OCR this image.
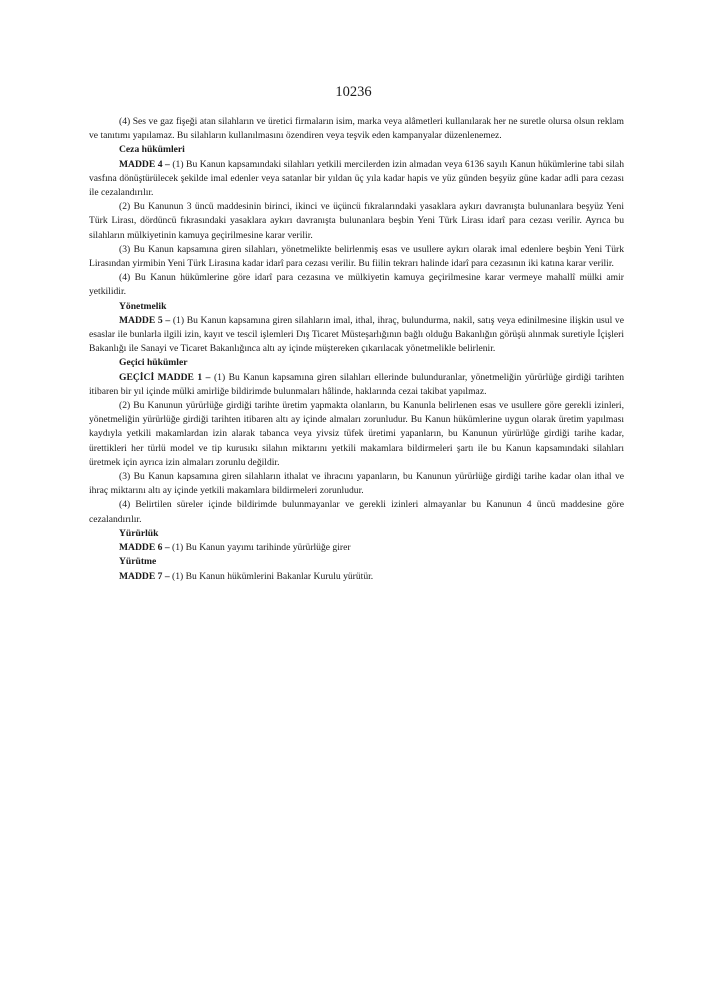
10236

(4) Ses ve gaz fişeği atan silahların ve üretici firmaların isim, marka veya alâmetleri kullanılarak her ne suretle olursa olsun reklam ve tanıtımı yapılamaz. Bu silahların kullanılmasını özendiren veya teşvik eden kampanyalar düzenlenemez.

Ceza hükümleri

MADDE 4 – (1) Bu Kanun kapsamındaki silahları yetkili mercilerden izin almadan veya 6136 sayılı Kanun hükümlerine tabi silah vasfına dönüştürülecek şekilde imal edenler veya satanlar bir yıldan üç yıla kadar hapis ve yüz günden beşyüz güne kadar adli para cezası ile cezalandırılır.

(2) Bu Kanunun 3 üncü maddesinin birinci, ikinci ve üçüncü fıkralarındaki yasaklara aykırı davranışta bulunanlara beşyüz Yeni Türk Lirası, dördüncü fıkrasındaki yasaklara aykırı davranışta bulunanlara beşbin Yeni Türk Lirası idarî para cezası verilir. Ayrıca bu silahların mülkiyetinin kamuya geçirilmesine karar verilir.

(3) Bu Kanun kapsamına giren silahları, yönetmelikte belirlenmiş esas ve usullere aykırı olarak imal edenlere beşbin Yeni Türk Lirasından yirmibin Yeni Türk Lirasına kadar idarî para cezası verilir. Bu fiilin tekrarı halinde idarî para cezasının iki katına karar verilir.

(4) Bu Kanun hükümlerine göre idarî para cezasına ve mülkiyetin kamuya geçirilmesine karar vermeye mahallî mülki amir yetkilidir.

Yönetmelik

MADDE 5 – (1) Bu Kanun kapsamına giren silahların imal, ithal, ihraç, bulundurma, nakil, satış veya edinilmesine ilişkin usul ve esaslar ile bunlarla ilgili izin, kayıt ve tescil işlemleri Dış Ticaret Müsteşarlığının bağlı olduğu Bakanlığın görüşü alınmak suretiyle İçişleri Bakanlığı ile Sanayi ve Ticaret Bakanlığınca altı ay içinde müştereken çıkarılacak yönetmelikle belirlenir.

Geçici hükümler

GEÇİCİ MADDE 1 – (1) Bu Kanun kapsamına giren silahları ellerinde bulunduranlar, yönetmeliğin yürürlüğe girdiği tarihten itibaren bir yıl içinde mülki amirliğe bildirimde bulunmaları hâlinde, haklarında cezai takibat yapılmaz.

(2) Bu Kanunun yürürlüğe girdiği tarihte üretim yapmakta olanların, bu Kanunla belirlenen esas ve usullere göre gerekli izinleri, yönetmeliğin yürürlüğe girdiği tarihten itibaren altı ay içinde almaları zorunludur. Bu Kanun hükümlerine uygun olarak üretim yapılması kaydıyla yetkili makamlardan izin alarak tabanca veya yivsiz tüfek üretimi yapanların, bu Kanunun yürürlüğe girdiği tarihe kadar, ürettikleri her türlü model ve tip kurusıkı silahın miktarını yetkili makamlara bildirmeleri şartı ile bu Kanun kapsamındaki silahları üretmek için ayrıca izin almaları zorunlu değildir.

(3) Bu Kanun kapsamına giren silahların ithalat ve ihracını yapanların, bu Kanunun yürürlüğe girdiği tarihe kadar olan ithal ve ihraç miktarını altı ay içinde yetkili makamlara bildirmeleri zorunludur.

(4) Belirtilen süreler içinde bildirimde bulunmayanlar ve gerekli izinleri almayanlar bu Kanunun 4 üncü maddesine göre cezalandırılır.

Yürürlük

MADDE 6 – (1) Bu Kanun yayımı tarihinde yürürlüğe girer

Yürütme

MADDE 7 – (1) Bu Kanun hükümlerini Bakanlar Kurulu yürütür.
